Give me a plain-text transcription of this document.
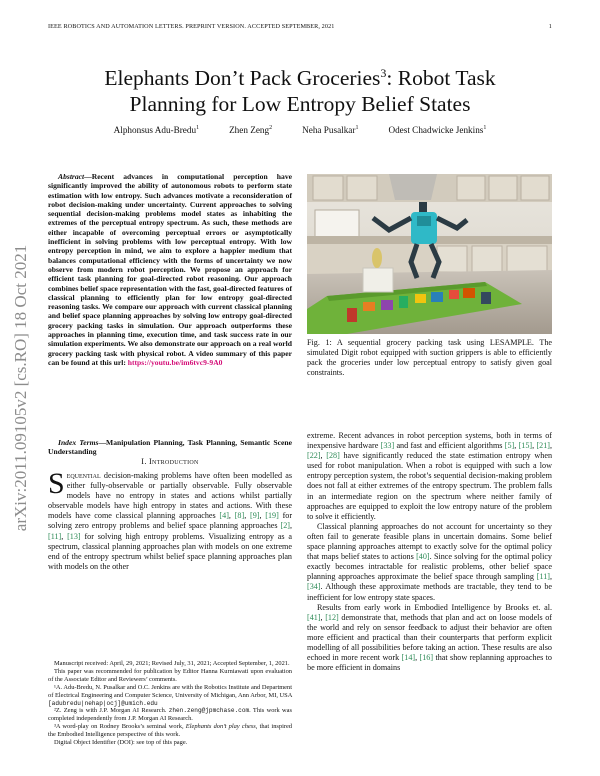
IEEE ROBOTICS AND AUTOMATION LETTERS. PREPRINT VERSION. ACCEPTED SEPTEMBER, 2021	1
arXiv:2011.09105v2 [cs.RO] 18 Oct 2021
Elephants Don’t Pack Groceries$^3$: Robot Task
Planning for Low Entropy Belief States
Alphonsus Adu-Bredu$^1$	Zhen Zeng$^2$	Neha Pusalkar$^1$	Odest Chadwicke Jenkins$^1$
Abstract—Recent advances in computational perception have significantly improved the ability of autonomous robots to perform state estimation with low entropy. Such advances motivate a reconsideration of robot decision-making under uncertainty. Current approaches to solving sequential decision-making problems model states as inhabiting the extremes of the perceptual entropy spectrum. As such, these methods are either incapable of overcoming perceptual errors or asymptotically inefficient in solving problems with low perceptual entropy. With low entropy perception in mind, we aim to explore a happier medium that balances computational efficiency with the forms of uncertainty we now observe from modern robot perception. We propose an approach for efficient task planning for goal-directed robot reasoning. Our approach combines belief space representation with the fast, goal-directed features of classical planning to efficiently plan for low entropy goal-directed reasoning tasks. We compare our approach with current classical planning and belief space planning approaches by solving low entropy goal-directed grocery packing tasks in simulation. Our approach outperforms these approaches in planning time, execution time, and task success rate in our simulation experiments. We also demonstrate our approach on a real world grocery packing task with physical robot. A video summary of this paper can be found at this url: https://youtu.be/im6tvc9-9A0
Index Terms—Manipulation Planning, Task Planning, Semantic Scene Understanding
I. Introduction
Sequential decision-making problems have often been modelled as either fully-observable or partially observable. Fully observable models have no entropy in states and actions whilst partially observable models have high entropy in states and actions. With these models have come classical planning approaches [4], [8], [9], [19] for solving zero entropy problems and belief space planning approaches [2], [11], [13] for solving high entropy problems. Visualizing entropy as a spectrum, classical planning approaches plan with models on one extreme end of the entropy spectrum whilst belief space planning approaches plan with models on the other

Manuscript received: April, 29, 2021; Revised July, 31, 2021; Accepted September, 1, 2021.

This paper was recommended for publication by Editor Hanna Kurniawati upon evaluation of the Associate Editor and Reviewers’ comments.

¹A. Adu-Bredu, N. Pusalkar and O.C. Jenkins are with the Robotics Institute and Department of Electrical Engineering and Computer Science, University of Michigan, Ann Arbor, MI, USA [adubredu|nehap|ocj]@umich.edu

²Z. Zeng is with J.P. Morgan AI Research. zhen.zeng@jpmchase.com. This work was completed independently from J.P. Morgan AI Research.

³A word-play on Rodney Brooks’s seminal work, Elephants don’t play chess, that inspired the Embodied Intelligence perspective of this work.

Digital Object Identifier (DOI): see top of this page.

Fig. 1: A sequential grocery packing task using LESAMPLE. The simulated Digit robot equipped with suction grippers is able to efficiently pack the groceries under low perceptual entropy to satisfy given goal constraints.

extreme. Recent advances in robot perception systems, both in terms of inexpensive hardware [33] and fast and efficient algorithms [5], [15], [21], [22], [28] have significantly reduced the state estimation entropy when used for robot manipulation. When a robot is equipped with such a low entropy perception system, the robot’s sequential decision-making problem does not fall at either extremes of the entropy spectrum. The problem falls in an intermediate region on the spectrum where neither family of approaches are equipped to exploit the low entropy nature of the problem to solve it efficiently.

Classical planning approaches do not account for uncertainty so they often fail to generate feasible plans in uncertain domains. Some belief space planning approaches attempt to exactly solve for the optimal policy that maps belief states to actions [40]. Since solving for the optimal policy exactly becomes intractable for realistic problems, other belief space planning approaches approximate the belief space through sampling [11], [34]. Although these approximate methods are tractable, they tend to be inefficient for low entropy state spaces.

Results from early work in Embodied Intelligence by Brooks et. al. [41], [12] demonstrate that, methods that plan and act on loose models of the world and rely on sensor feedback to adjust their behavior are often more efficient and practical than their counterparts that perform explicit modelling of all possibilities before taking an action. These results are also echoed in more recent work [14], [16] that show replanning approaches to be more efficient in domains
